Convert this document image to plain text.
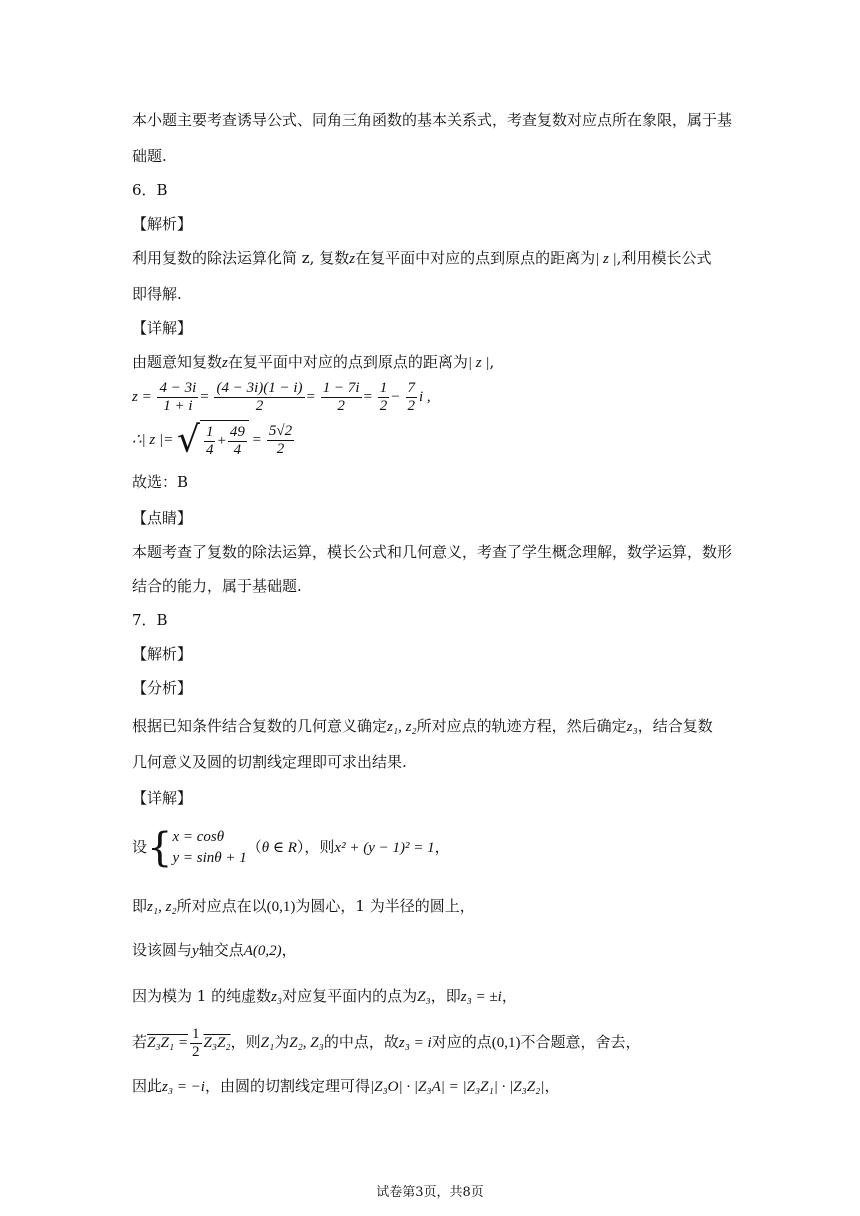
本小题主要考查诱导公式、同角三角函数的基本关系式，考查复数对应点所在象限，属于基
础题.
6．B
【解析】
利用复数的除法运算化简 z, 复数z在复平面中对应的点到原点的距离为| z |,利用模长公式
即得解.
【详解】
由题意知复数z在复平面中对应的点到原点的距离为| z |,
$z = \frac{4 - 3i}{1 + i} = \frac{(4 - 3i)(1 - i)}{2} = \frac{1 - 7i}{2} = \frac{1}{2} - \frac{7}{2}$ i ,
∴| z |= √ $\frac{1}{4} + \frac{49}{4} = \frac{5√2}{2}$
故选：B
【点睛】
本题考查了复数的除法运算，模长公式和几何意义，考查了学生概念理解，数学运算，数形
结合的能力，属于基础题.
7．B
【解析】
【分析】
根据已知条件结合复数的几何意义确定z₁, z₂所对应点的轨迹方程，然后确定z₃，结合复数
几何意义及圆的切割线定理即可求出结果.
【详解】
设{ x = cosθ
y = sinθ + 1
（θ ∈ R），则x² + (y − 1)² = 1，
即z₁, z₂所对应点在以(0,1)为圆心，1 为半径的圆上，
设该圆与y轴交点A(0,2)，
因为模为 1 的纯虚数z₃对应复平面内的点为Z₃，即z₃ = ±i，
若$Z_3Z_1 = \frac{1}{2} Z_3Z_2$，则Z₁为Z₂, Z₃的中点，故z₃ = i对应的点(0,1)不合题意，舍去，
因此z₃ = −i，由圆的切割线定理可得|Z₃O| · |Z₃A| = |Z₃Z₁| · |Z₃Z₂|，
试卷第3页，共8页
